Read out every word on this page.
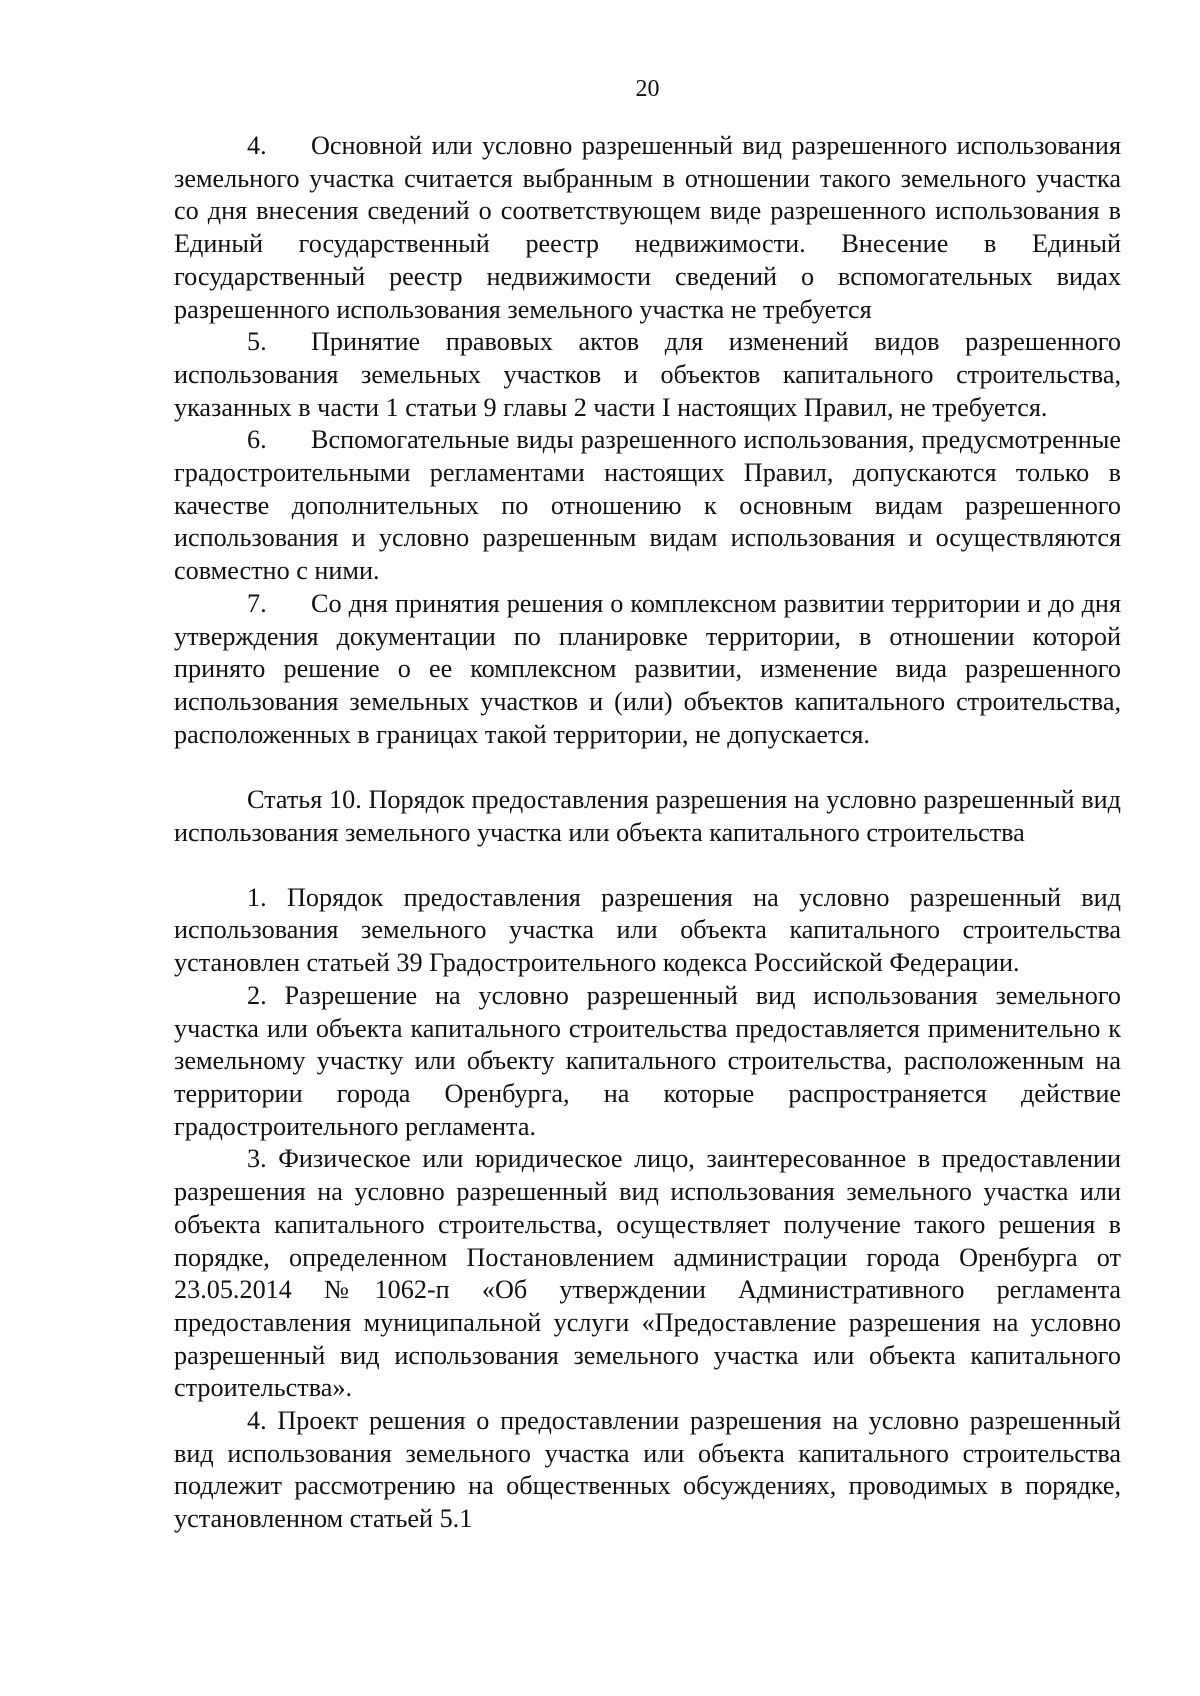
20

4. Основной или условно разрешенный вид разрешенного использования земельного участка считается выбранным в отношении такого земельного участка со дня внесения сведений о соответствующем виде разрешенного использования в Единый государственный реестр недвижимости. Внесение в Единый государственный реестр недвижимости сведений о вспомогательных видах разрешенного использования земельного участка не требуется

5. Принятие правовых актов для изменений видов разрешенного использования земельных участков и объектов капитального строительства, указанных в части 1 статьи 9 главы 2 части I настоящих Правил, не требуется.

6. Вспомогательные виды разрешенного использования, предусмотренные градостроительными регламентами настоящих Правил, допускаются только в качестве дополнительных по отношению к основным видам разрешенного использования и условно разрешенным видам использования и осуществляются совместно с ними.

7. Со дня принятия решения о комплексном развитии территории и до дня утверждения документации по планировке территории, в отношении которой принято решение о ее комплексном развитии, изменение вида разрешенного использования земельных участков и (или) объектов капитального строительства, расположенных в границах такой территории, не допускается.

Статья 10. Порядок предоставления разрешения на условно разрешенный вид использования земельного участка или объекта капитального строительства

1. Порядок предоставления разрешения на условно разрешенный вид использования земельного участка или объекта капитального строительства установлен статьей 39 Градостроительного кодекса Российской Федерации.

2. Разрешение на условно разрешенный вид использования земельного участка или объекта капитального строительства предоставляется применительно к земельному участку или объекту капитального строительства, расположенным на территории города Оренбурга, на которые распространяется действие градостроительного регламента.

3. Физическое или юридическое лицо, заинтересованное в предоставлении разрешения на условно разрешенный вид использования земельного участка или объекта капитального строительства, осуществляет получение такого решения в порядке, определенном Постановлением администрации города Оренбурга от 23.05.2014 №1062-п «Об утверждении Административного регламента предоставления муниципальной услуги «Предоставление разрешения на условно разрешенный вид использования земельного участка или объекта капитального строительства».

4. Проект решения о предоставлении разрешения на условно разрешенный вид использования земельного участка или объекта капитального строительства подлежит рассмотрению на общественных обсуждениях, проводимых в порядке, установленном статьей 5.1
